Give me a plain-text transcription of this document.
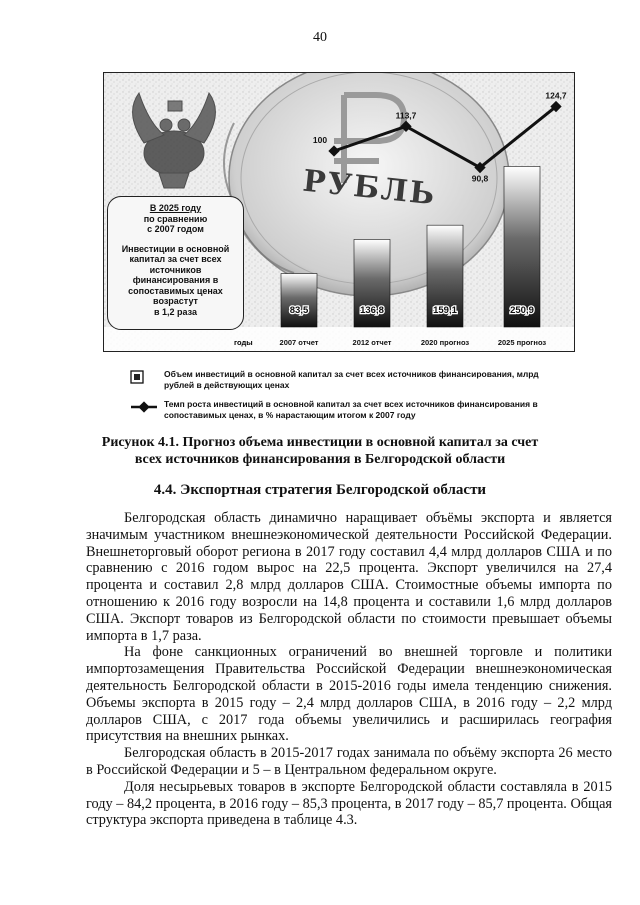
40
РУБЛЬ
83,5	136,8	159,1	250,9
100
113,7
90,8
124,7
2007 отчет	2012 отчет	2020 прогноз	2025 прогноз
годы
В 2025 году
по сравнению
с 2007 годом
Инвестиции в основной
капитал за счет всех
источников
финансирования в
сопоставимых ценах
возрастут
в 1,2 раза
Объем инвестиций в основной капитал за счет всех источников финансирования, млрд рублей в действующих ценах
Темп роста инвестиций в основной капитал за счет всех источников финансирования в сопоставимых ценах, в % нарастающим итогом к 2007 году
Рисунок 4.1. Прогноз объема инвестиции в основной капитал за счет
всех источников финансирования в Белгородской области
4.4. Экспортная стратегия Белгородской области

Белгородская область динамично наращивает объёмы экспорта и является значимым участником внешнеэкономической деятельности Российской Федерации. Внешнеторговый оборот региона в 2017 году составил 4,4 млрд долларов США и по сравнению с 2016 годом вырос на 22,5 процента. Экспорт увеличился на 27,4 процента и составил 2,8 млрд долларов США. Стоимостные объемы импорта по отношению к 2016 году возросли на 14,8 процента и составили 1,6 млрд долларов США. Экспорт товаров из Белгородской области по стоимости превышает объемы импорта в 1,7 раза.

На фоне санкционных ограничений во внешней торговле и политики импортозамещения Правительства Российской Федерации внешнеэкономическая деятельность Белгородской области в 2015-2016 годы имела тенденцию снижения. Объемы экспорта в 2015 году – 2,4 млрд долларов США, в 2016 году – 2,2 млрд долларов США, с 2017 года объемы увеличились и расширилась география присутствия на внешних рынках.

Белгородская область в 2015-2017 годах занимала по объёму экспорта 26 место в Российской Федерации и 5 – в Центральном федеральном округе.

Доля несырьевых товаров в экспорте Белгородской области составляла в 2015 году – 84,2 процента, в 2016 году – 85,3 процента, в 2017 году – 85,7 процента. Общая структура экспорта приведена в таблице 4.3.
